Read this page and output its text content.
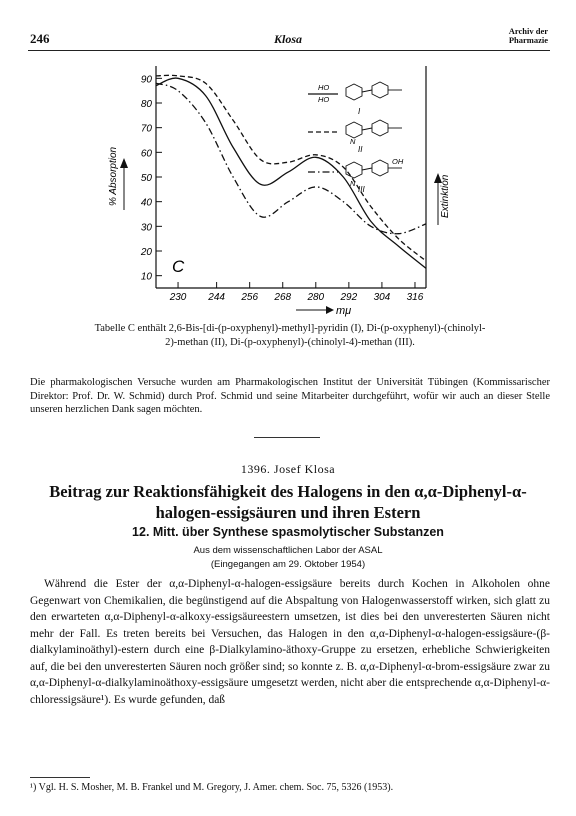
246	Klosa
Archiv der
Pharmazie
90
80
70
60
50
40
30
20
10
230 244 256 268 280 292 304 316
I
II
III
HO
HO
N
N
OH
C
% Absorption	Extinktion
mμ
Tabelle C enthält 2,6-Bis-[di-(p-oxyphenyl)-methyl]-pyridin (I), Di-(p-oxyphenyl)-(chinolyl-2)-methan (II), Di-(p-oxyphenyl)-(chinolyl-4)-methan (III).
Die pharmakologischen Versuche wurden am Pharmakologischen Institut der Universität Tübingen (Kommissarischer Direktor: Prof. Dr. W. Schmid) durch Prof. Schmid und seine Mitarbeiter durchgeführt, wofür wir auch an dieser Stelle unseren herzlichen Dank sagen möchten.
1396. Josef Klosa
Beitrag zur Reaktionsfähigkeit des Halogens in den α,α-Diphenyl-α-halogen-essigsäuren und ihren Estern
12. Mitt. über Synthese spasmolytischer Substanzen
Aus dem wissenschaftlichen Labor der ASAL
(Eingegangen am 29. Oktober 1954)

Während die Ester der α,α-Diphenyl-α-halogen-essigsäure bereits durch Kochen in Alkoholen ohne Gegenwart von Chemikalien, die begünstigend auf die Abspaltung von Halogenwasserstoff wirken, sich glatt zu den erwarteten α,α-Diphenyl-α-alkoxy-essigsäureestern umsetzen, ist dies bei den unveresterten Säuren nicht mehr der Fall. Es treten bereits bei Versuchen, das Halogen in den α,α-Diphenyl-α-halogen-essigsäure-(β-dialkylaminoäthyl)-estern durch eine β-Dialkylamino-äthoxy-Gruppe zu ersetzen, erhebliche Schwierigkeiten auf, die bei den unveresterten Säuren noch größer sind; so konnte z. B. α,α-Diphenyl-α-brom-essigsäure zwar zu α,α-Diphenyl-α-dialkylaminoäthoxy-essigsäure umgesetzt werden, nicht aber die entsprechende α,α-Diphenyl-α-chloressigsäure¹). Es wurde gefunden, daß

¹) Vgl. H. S. Mosher, M. B. Frankel und M. Gregory, J. Amer. chem. Soc. 75, 5326 (1953).
